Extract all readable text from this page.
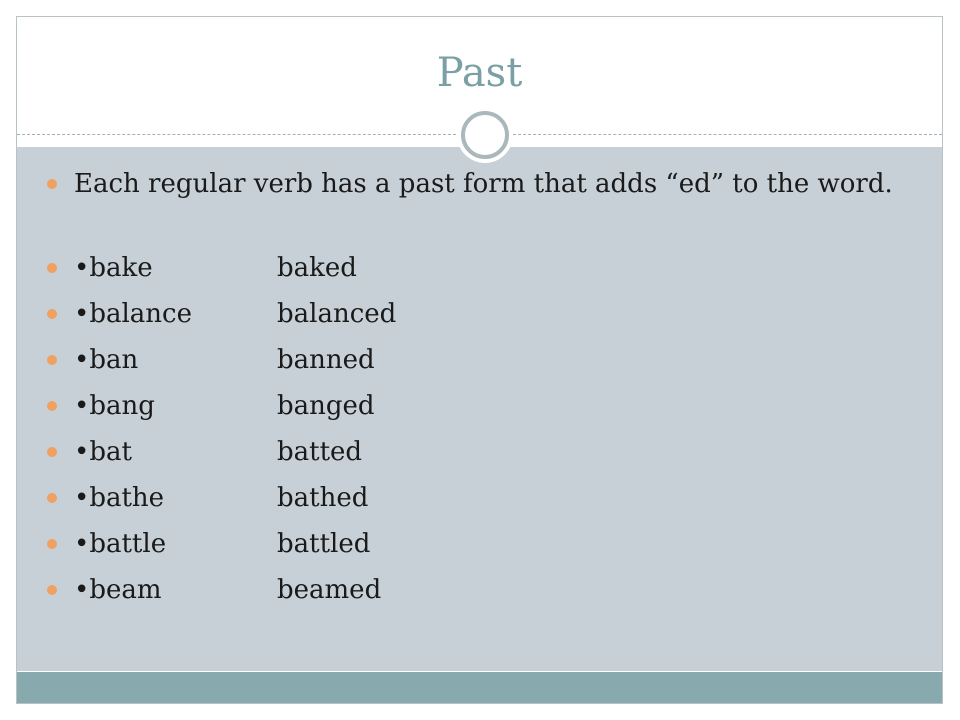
Past
Each regular verb has a past form that adds “ed” to the word.
•bake	baked
•balance	balanced
•ban	banned
•bang	banged
•bat	batted
•bathe	bathed
•battle	battled
•beam	beamed
